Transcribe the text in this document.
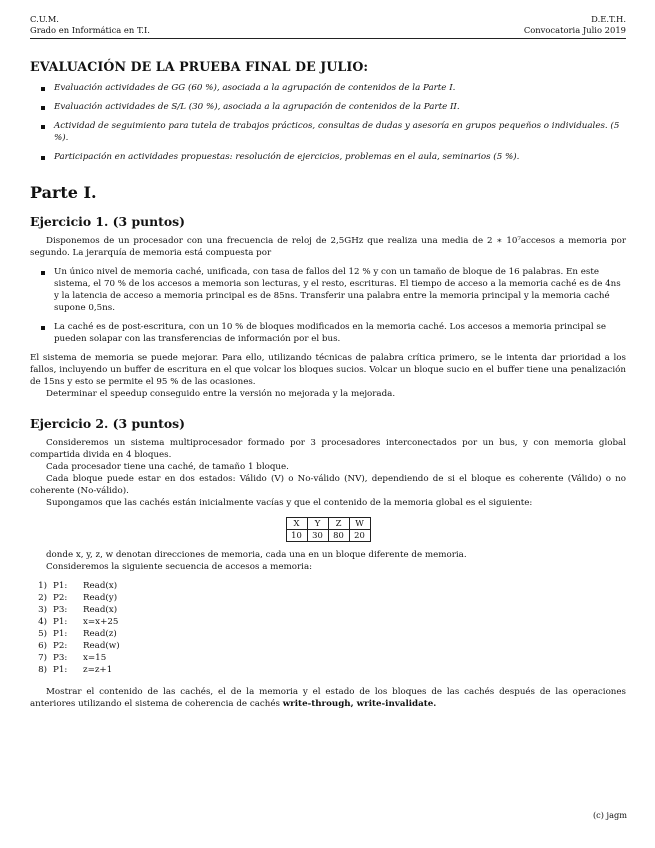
C.U.M.
Grado en Informática en T.I.
D.E.T.H.
Convocatoria Julio 2019
EVALUACIÓN DE LA PRUEBA FINAL DE JULIO:
Evaluación actividades de GG (60 %), asociada a la agrupación de contenidos de la Parte I.
Evaluación actividades de S/L (30 %), asociada a la agrupación de contenidos de la Parte II.
Actividad de seguimiento para tutela de trabajos prácticos, consultas de dudas y asesoría en grupos pequeños o individuales. (5 %).
Participación en actividades propuestas: resolución de ejercicios, problemas en el aula, seminarios (5 %).
Parte I.
Ejercicio 1. (3 puntos)

Disponemos de un procesador con una frecuencia de reloj de 2,5GHz que realiza una media de 2 ∗ 10⁷accesos a memoria por segundo. La jerarquía de memoria está compuesta por

Un único nivel de memoria caché, unificada, con tasa de fallos del 12 % y con un tamaño de bloque de 16 palabras. En este sistema, el 70 % de los accesos a memoria son lecturas, y el resto, escrituras. El tiempo de acceso a la memoria caché es de 4ns y la latencia de acceso a memoria principal es de 85ns. Transferir una palabra entre la memoria principal y la memoria caché supone 0,5ns.
La caché es de post-escritura, con un 10 % de bloques modificados en la memoria caché. Los accesos a memoria principal se pueden solapar con las transferencias de información por el bus.

El sistema de memoria se puede mejorar. Para ello, utilizando técnicas de palabra crítica primero, se le intenta dar prioridad a los fallos, incluyendo un buffer de escritura en el que volcar los bloques sucios. Volcar un bloque sucio en el buffer tiene una penalización de 15ns y esto se permite el 95 % de las ocasiones.

Determinar el speedup conseguido entre la versión no mejorada y la mejorada.

Ejercicio 2. (3 puntos)

Consideremos un sistema multiprocesador formado por 3 procesadores interconectados por un bus, y con memoria global compartida divida en 4 bloques.

Cada procesador tiene una caché, de tamaño 1 bloque.

Cada bloque puede estar en dos estados: Válido (V) o No-válido (NV), dependiendo de si el bloque es coherente (Válido) o no coherente (No-válido).

Supongamos que las cachés están inicialmente vacías y que el contenido de la memoria global es el siguiente:

X	Y	Z	W
10	30	80	20

donde x, y, z, w denotan direcciones de memoria, cada una en un bloque diferente de memoria.

Consideremos la siguiente secuencia de accesos a memoria:

1) P1:	Read(x)
2) P2:	Read(y)
3) P3:	Read(x)
4) P1:	x=x+25
5) P1:	Read(z)
6) P2:	Read(w)
7) P3:	x=15
8) P1:	z=z+1

Mostrar el contenido de las cachés, el de la memoria y el estado de los bloques de las cachés después de las operaciones anteriores utilizando el sistema de coherencia de cachés write-through, write-invalidate.

(c) jagm
